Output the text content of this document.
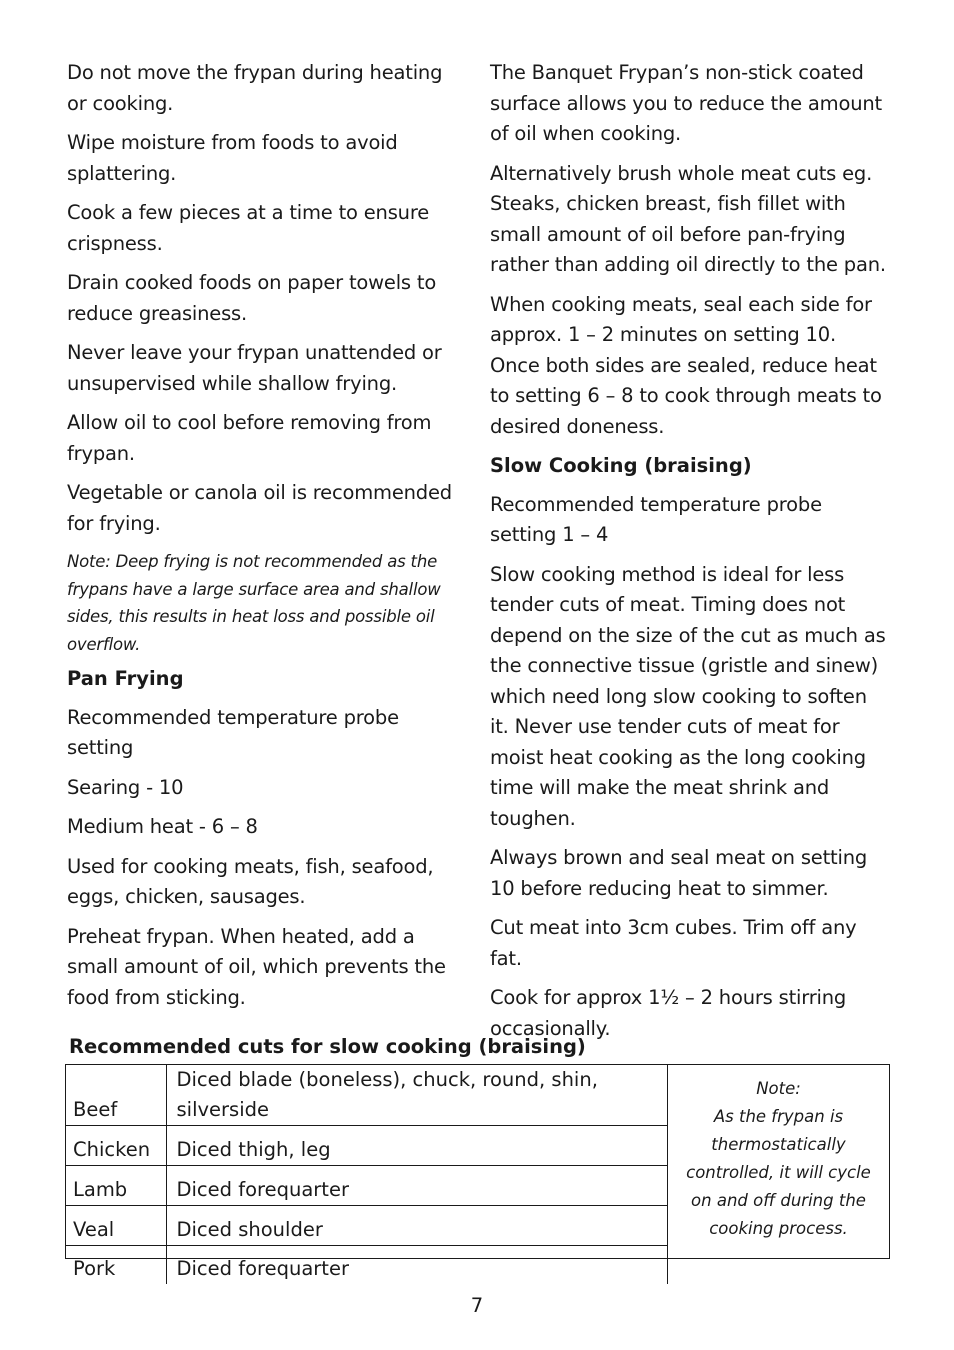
Do not move the frypan during heating or cooking.

Wipe moisture from foods to avoid splattering.

Cook a few pieces at a time to ensure crispness.

Drain cooked foods on paper towels to reduce greasiness.

Never leave your frypan unattended or unsupervised while shallow frying.

Allow oil to cool before removing from frypan.

Vegetable or canola oil is recommended for frying.

Note: Deep frying is not recommended as the frypans have a large surface area and shallow sides, this results in heat loss and possible oil overflow.

Pan Frying

Recommended temperature probe setting

Searing - 10

Medium heat - 6 – 8

Used for cooking meats, fish, seafood, eggs, chicken, sausages.

Preheat frypan. When heated, add a small amount of oil, which prevents the food from sticking.

The Banquet Frypan’s non-stick coated surface allows you to reduce the amount of oil when cooking.

Alternatively brush whole meat cuts eg. Steaks, chicken breast, fish fillet with small amount of oil before pan-frying rather than adding oil directly to the pan.

When cooking meats, seal each side for approx. 1 – 2 minutes on setting 10. Once both sides are sealed, reduce heat to setting 6 – 8 to cook through meats to desired doneness.

Slow Cooking (braising)

Recommended temperature probe setting 1 – 4

Slow cooking method is ideal for less tender cuts of meat. Timing does not depend on the size of the cut as much as the connective tissue (gristle and sinew) which need long slow cooking to soften it. Never use tender cuts of meat for moist heat cooking as the long cooking time will make the meat shrink and toughen.

Always brown and seal meat on setting 10 before reducing heat to simmer.

Cut meat into 3cm cubes. Trim off any fat.

Cook for approx 1½ – 2 hours stirring occasionally.

Recommended cuts for slow cooking (braising)
Beef	Diced blade (boneless), chuck, round, shin, silverside
Chicken	Diced thigh, leg
Lamb	Diced forequarter
Veal	Diced shoulder
Pork	Diced forequarter
Note:
As the frypan is
thermostatically
controlled, it will cycle
on and off during the
cooking process.
7
